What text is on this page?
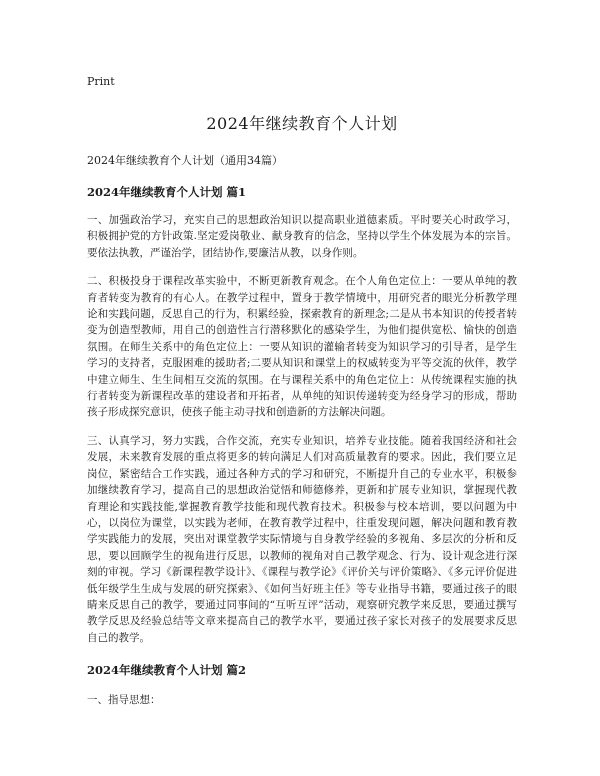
Print
2024年继续教育个人计划
2024年继续教育个人计划（通用34篇）
2024年继续教育个人计划 篇1

一、加强政治学习，充实自己的思想政治知识以提高职业道德素质。平时要关心时政学习，积极拥护党的方针政策.坚定爱岗敬业、献身教育的信念，坚持以学生个体发展为本的宗旨。要依法执教，严谨治学，团结协作,要廉洁从教，以身作则。

二、积极投身于课程改革实验中，不断更新教育观念。在个人角色定位上：一要从单纯的教育者转变为教育的有心人。在教学过程中，置身于教学情境中，用研究者的眼光分析教学理论和实践问题，反思自己的行为，积累经验，探索教育的新理念;二是从书本知识的传授者转变为创造型教师，用自己的创造性言行潜移默化的感染学生，为他们提供宽松、愉快的创造氛围。在师生关系中的角色定位上：一要从知识的灌输者转变为知识学习的引导者，是学生学习的支持者，克服困难的援助者;二要从知识和课堂上的权威转变为平等交流的伙伴，教学中建立师生、生生间相互交流的氛围。在与课程关系中的角色定位上：从传统课程实施的执行者转变为新课程改革的建设者和开拓者，从单纯的知识传递转变为经身学习的形成，帮助孩子形成探究意识，使孩子能主动寻找和创造新的方法解决问题。

三、认真学习，努力实践，合作交流，充实专业知识，培养专业技能。随着我国经济和社会发展，未来教育发展的重点将更多的转向满足人们对高质量教育的要求。因此，我们要立足岗位，紧密结合工作实践，通过各种方式的学习和研究，不断提升自己的专业水平，积极参加继续教育学习，提高自己的思想政治觉悟和师德修养，更新和扩展专业知识，掌握现代教育理论和实践技能,掌握教育教学技能和现代教育技术。积极参与校本培训，要以问题为中心，以岗位为课堂，以实践为老师，在教育教学过程中，往重发现问题，解决问题和教育教学实践能力的发展，突出对课堂教学实际情境与自身教学经验的多视角、多层次的分析和反思，要以回顾学生的视角进行反思，以教师的视角对自己教学观念、行为、设计观念进行深刻的审视。学习《新课程教学设计》、《课程与教学论》《评价关与评价策略》、《多元评价促进低年级学生生成与发展的研究探索》、《如何当好班主任》等专业指导书籍，要通过孩子的眼睛来反思自己的教学，要通过同事间的“互听互评”活动，观察研究教学来反思，要通过撰写教学反思及经验总结等文章来提高自己的教学水平，要通过孩子家长对孩子的发展要求反思自己的教学。

2024年继续教育个人计划 篇2

一、指导思想：
